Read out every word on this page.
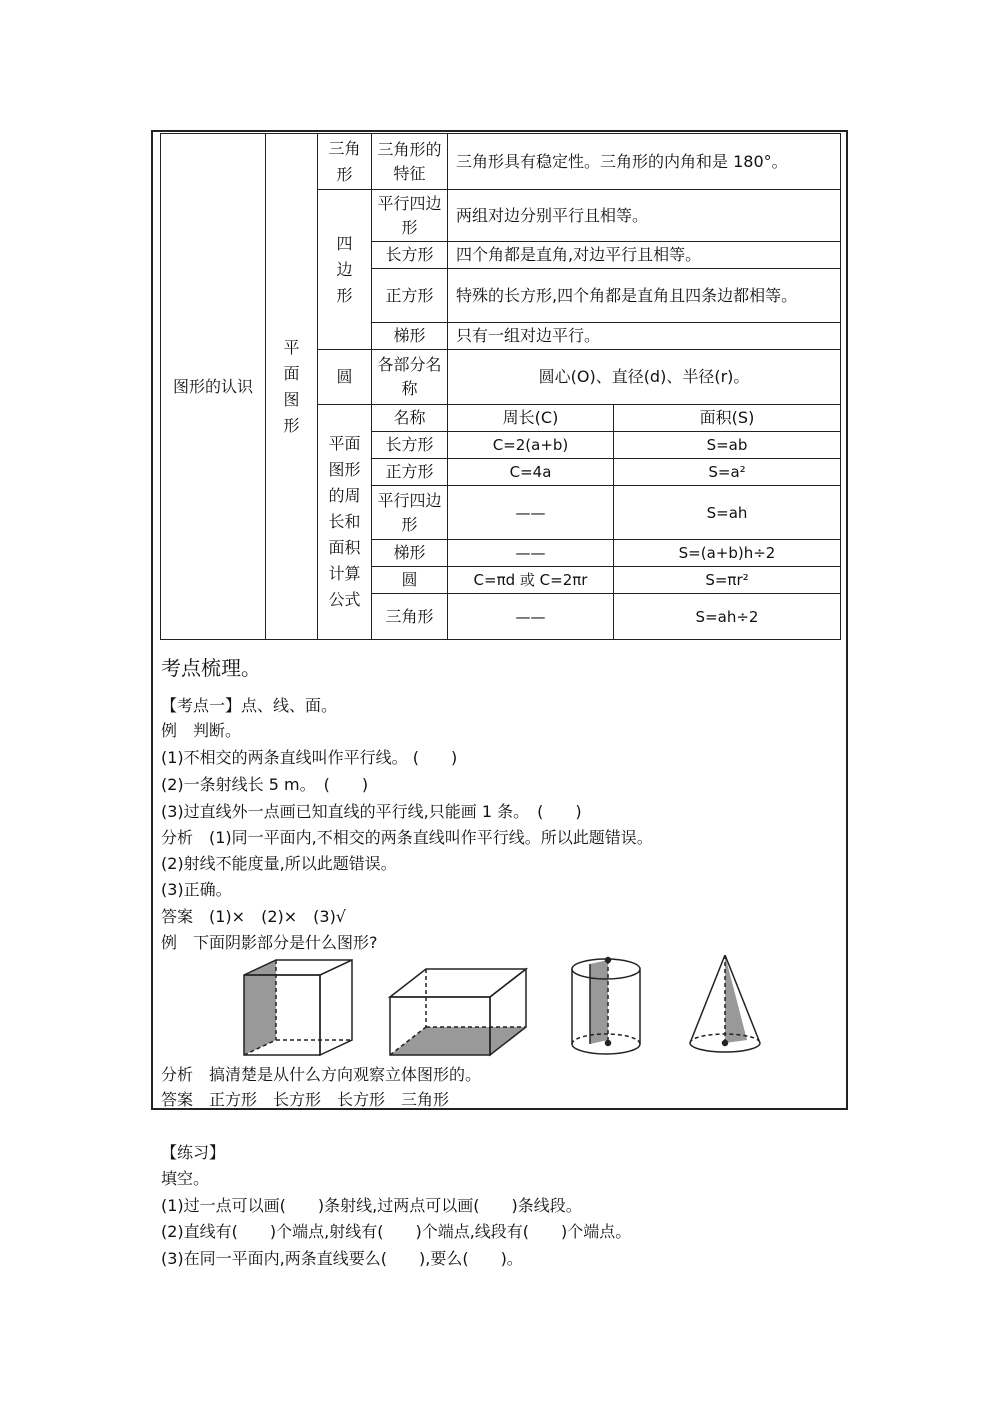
图形的认识	平面图形	三角形	三角形的特征	三角形具有稳定性。三角形的内角和是 180°。	
		四边形	平行四边形	两组对边分别平行且相等。	
			长方形	四个角都是直角,对边平行且相等。	
			正方形	特殊的长方形,四个角都是直角且四条边都相等。	
			梯形	只有一组对边平行。	
		圆	各部分名称	圆心(O)、直径(d)、半径(r)。	
		平面图形的周长和面积计算公式	名称	周长(C)	面积(S)
			长方形	C=2(a+b)	S=ab
			正方形	C=4a	S=a²
			平行四边形	——	S=ah
			梯形	——	S=(a+b)h÷2
			圆	C=πd 或 C=2πr	S=πr²
			三角形	——	S=ah÷2
考点梳理。
【考点一】点、线、面。
例　判断。
(1)不相交的两条直线叫作平行线。 (　　)
(2)一条射线长 5 m。　(　　)
(3)过直线外一点画已知直线的平行线,只能画 1 条。　(　　)
分析　(1)同一平面内,不相交的两条直线叫作平行线。所以此题错误。
(2)射线不能度量,所以此题错误。
(3)正确。
答案　(1)×　(2)×　(3)√
例　下面阴影部分是什么图形?
分析　搞清楚是从什么方向观察立体图形的。
答案　正方形　长方形　长方形　三角形
【练习】
填空。
(1)过一点可以画(　　)条射线,过两点可以画(　　)条线段。
(2)直线有(　　)个端点,射线有(　　)个端点,线段有(　　)个端点。
(3)在同一平面内,两条直线要么(　　),要么(　　)。
